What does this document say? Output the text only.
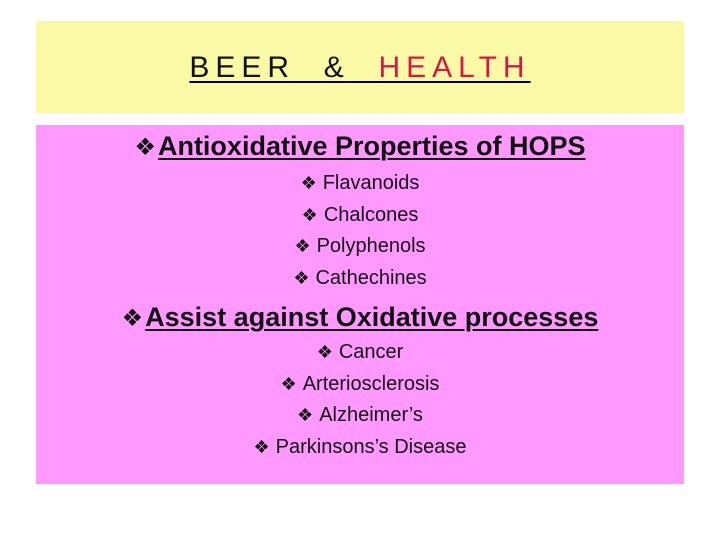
BEER & HEALTH
❖Antioxidative Properties of HOPS
❖ Flavanoids
❖ Chalcones
❖ Polyphenols
❖ Cathechines
❖Assist against Oxidative processes
❖ Cancer
❖ Arteriosclerosis
❖ Alzheimer’s
❖ Parkinsons’s Disease
